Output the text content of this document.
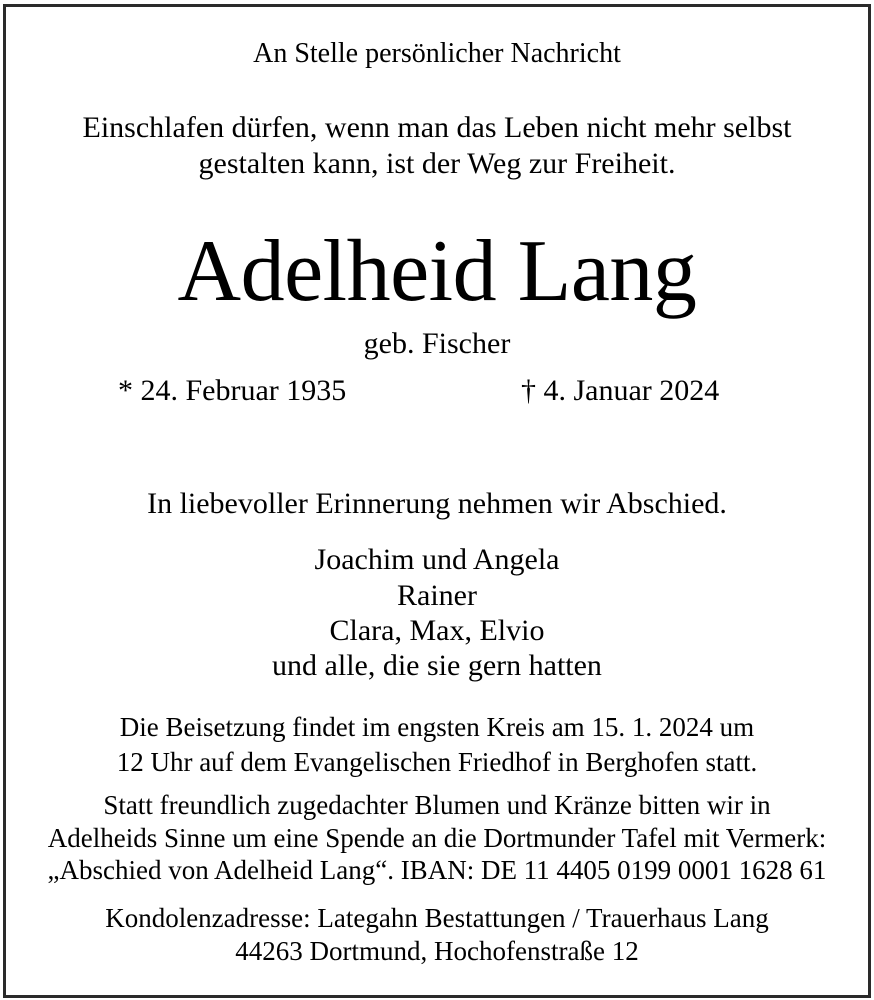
An Stelle persönlicher Nachricht
Einschlafen dürfen, wenn man das Leben nicht mehr selbst
gestalten kann, ist der Weg zur Freiheit.
Adelheid Lang
geb. Fischer
* 24. Februar 1935	† 4. Januar 2024
In liebevoller Erinnerung nehmen wir Abschied.
Joachim und Angela
Rainer
Clara, Max, Elvio
und alle, die sie gern hatten
Die Beisetzung findet im engsten Kreis am 15. 1. 2024 um
12 Uhr auf dem Evangelischen Friedhof in Berghofen statt.
Statt freundlich zugedachter Blumen und Kränze bitten wir in
Adelheids Sinne um eine Spende an die Dortmunder Tafel mit Vermerk:
„Abschied von Adelheid Lang“. IBAN: DE 11 4405 0199 0001 1628 61
Kondolenzadresse: Lategahn Bestattungen / Trauerhaus Lang
44263 Dortmund, Hochofenstraße 12
